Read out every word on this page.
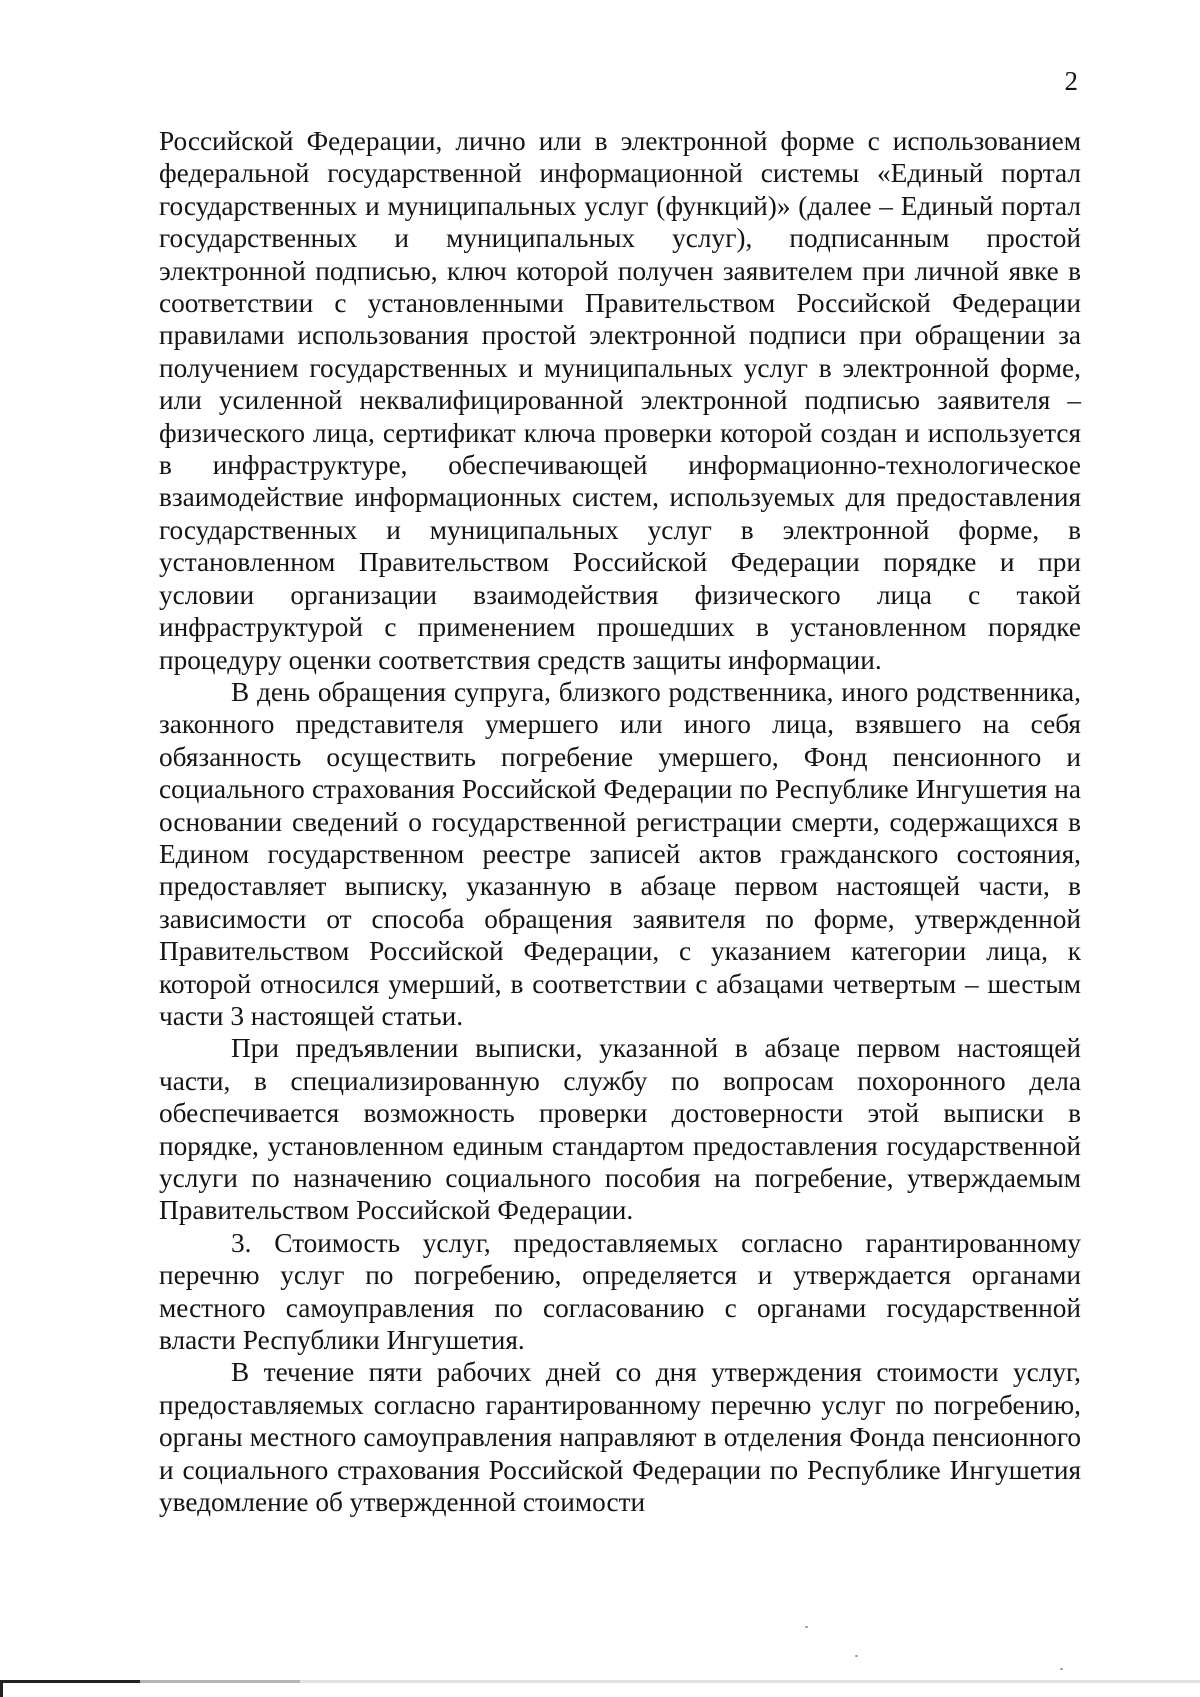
2

Российской Федерации, лично или в электронной форме с использованием федеральной государственной информационной системы «Единый портал государственных и муниципальных услуг (функций)» (далее – Единый портал государственных и муниципальных услуг), подписанным простой электронной подписью, ключ которой получен заявителем при личной явке в соответствии с установленными Правительством Российской Федерации правилами использования простой электронной подписи при обращении за получением государственных и муниципальных услуг в электронной форме, или усиленной неквалифицированной электронной подписью заявителя – физического лица, сертификат ключа проверки которой создан и используется в инфраструктуре, обеспечивающей информационно-технологическое взаимодействие информационных систем, используемых для предоставления государственных и муниципальных услуг в электронной форме, в установленном Правительством Российской Федерации порядке и при условии организации взаимодействия физического лица с такой инфраструктурой с применением прошедших в установленном порядке процедуру оценки соответствия средств защиты информации.

В день обращения супруга, близкого родственника, иного родственника, законного представителя умершего или иного лица, взявшего на себя обязанность осуществить погребение умершего, Фонд пенсионного и социального страхования Российской Федерации по Республике Ингушетия на основании сведений о государственной регистрации смерти, содержащихся в Едином государственном реестре записей актов гражданского состояния, предоставляет выписку, указанную в абзаце первом настоящей части, в зависимости от способа обращения заявителя по форме, утвержденной Правительством Российской Федерации, с указанием категории лица, к которой относился умерший, в соответствии с абзацами четвертым – шестым части 3 настоящей статьи.

При предъявлении выписки, указанной в абзаце первом настоящей части, в специализированную службу по вопросам похоронного дела обеспечивается возможность проверки достоверности этой выписки в порядке, установленном единым стандартом предоставления государственной услуги по назначению социального пособия на погребение, утверждаемым Правительством Российской Федерации.

3. Стоимость услуг, предоставляемых согласно гарантированному перечню услуг по погребению, определяется и утверждается органами местного самоуправления по согласованию с органами государственной власти Республики Ингушетия.

В течение пяти рабочих дней со дня утверждения стоимости услуг, предоставляемых согласно гарантированному перечню услуг по погребению, органы местного самоуправления направляют в отделения Фонда пенсионного и социального страхования Российской Федерации по Республике Ингушетия уведомление об утвержденной стоимости
